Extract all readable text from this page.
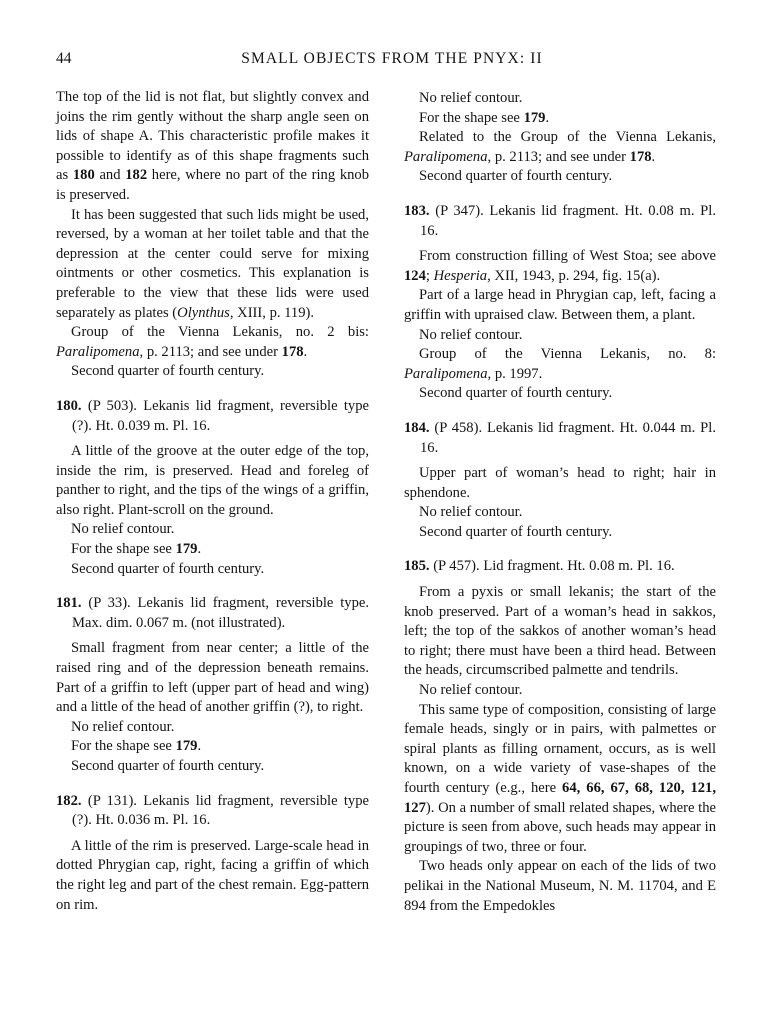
44	SMALL OBJECTS FROM THE PNYX: II

The top of the lid is not flat, but slightly convex and joins the rim gently without the sharp angle seen on lids of shape A. This characteristic profile makes it possible to identify as of this shape fragments such as 180 and 182 here, where no part of the ring knob is preserved.

It has been suggested that such lids might be used, reversed, by a woman at her toilet table and that the depression at the center could serve for mixing ointments or other cosmetics. This explanation is preferable to the view that these lids were used separately as plates (Olynthus, XIII, p. 119).

Group of the Vienna Lekanis, no. 2 bis: Paralipomena, p. 2113; and see under 178.

Second quarter of fourth century.

180. (P 503). Lekanis lid fragment, reversible type (?). Ht. 0.039 m. Pl. 16.

A little of the groove at the outer edge of the top, inside the rim, is preserved. Head and foreleg of panther to right, and the tips of the wings of a griffin, also right. Plant-scroll on the ground.

No relief contour.

For the shape see 179.

Second quarter of fourth century.

181. (P 33). Lekanis lid fragment, reversible type. Max. dim. 0.067 m. (not illustrated).

Small fragment from near center; a little of the raised ring and of the depression beneath remains. Part of a griffin to left (upper part of head and wing) and a little of the head of another griffin (?), to right.

No relief contour.

For the shape see 179.

Second quarter of fourth century.

182. (P 131). Lekanis lid fragment, reversible type (?). Ht. 0.036 m. Pl. 16.

A little of the rim is preserved. Large-scale head in dotted Phrygian cap, right, facing a griffin of which the right leg and part of the chest remain. Egg-pattern on rim.

No relief contour.

For the shape see 179.

Related to the Group of the Vienna Lekanis, Paralipomena, p. 2113; and see under 178.

Second quarter of fourth century.

183. (P 347). Lekanis lid fragment. Ht. 0.08 m. Pl. 16.

From construction filling of West Stoa; see above 124; Hesperia, XII, 1943, p. 294, fig. 15(a).

Part of a large head in Phrygian cap, left, facing a griffin with upraised claw. Between them, a plant.

No relief contour.

Group of the Vienna Lekanis, no. 8: Paralipomena, p. 1997.

Second quarter of fourth century.

184. (P 458). Lekanis lid fragment. Ht. 0.044 m. Pl. 16.

Upper part of woman’s head to right; hair in sphendone.

No relief contour.

Second quarter of fourth century.

185. (P 457). Lid fragment. Ht. 0.08 m. Pl. 16.

From a pyxis or small lekanis; the start of the knob preserved. Part of a woman’s head in sakkos, left; the top of the sakkos of another woman’s head to right; there must have been a third head. Between the heads, circumscribed palmette and tendrils.

No relief contour.

This same type of composition, consisting of large female heads, singly or in pairs, with palmettes or spiral plants as filling ornament, occurs, as is well known, on a wide variety of vase-shapes of the fourth century (e.g., here 64, 66, 67, 68, 120, 121, 127). On a number of small related shapes, where the picture is seen from above, such heads may appear in groupings of two, three or four.

Two heads only appear on each of the lids of two pelikai in the National Museum, N. M. 11704, and E 894 from the Empedokles
